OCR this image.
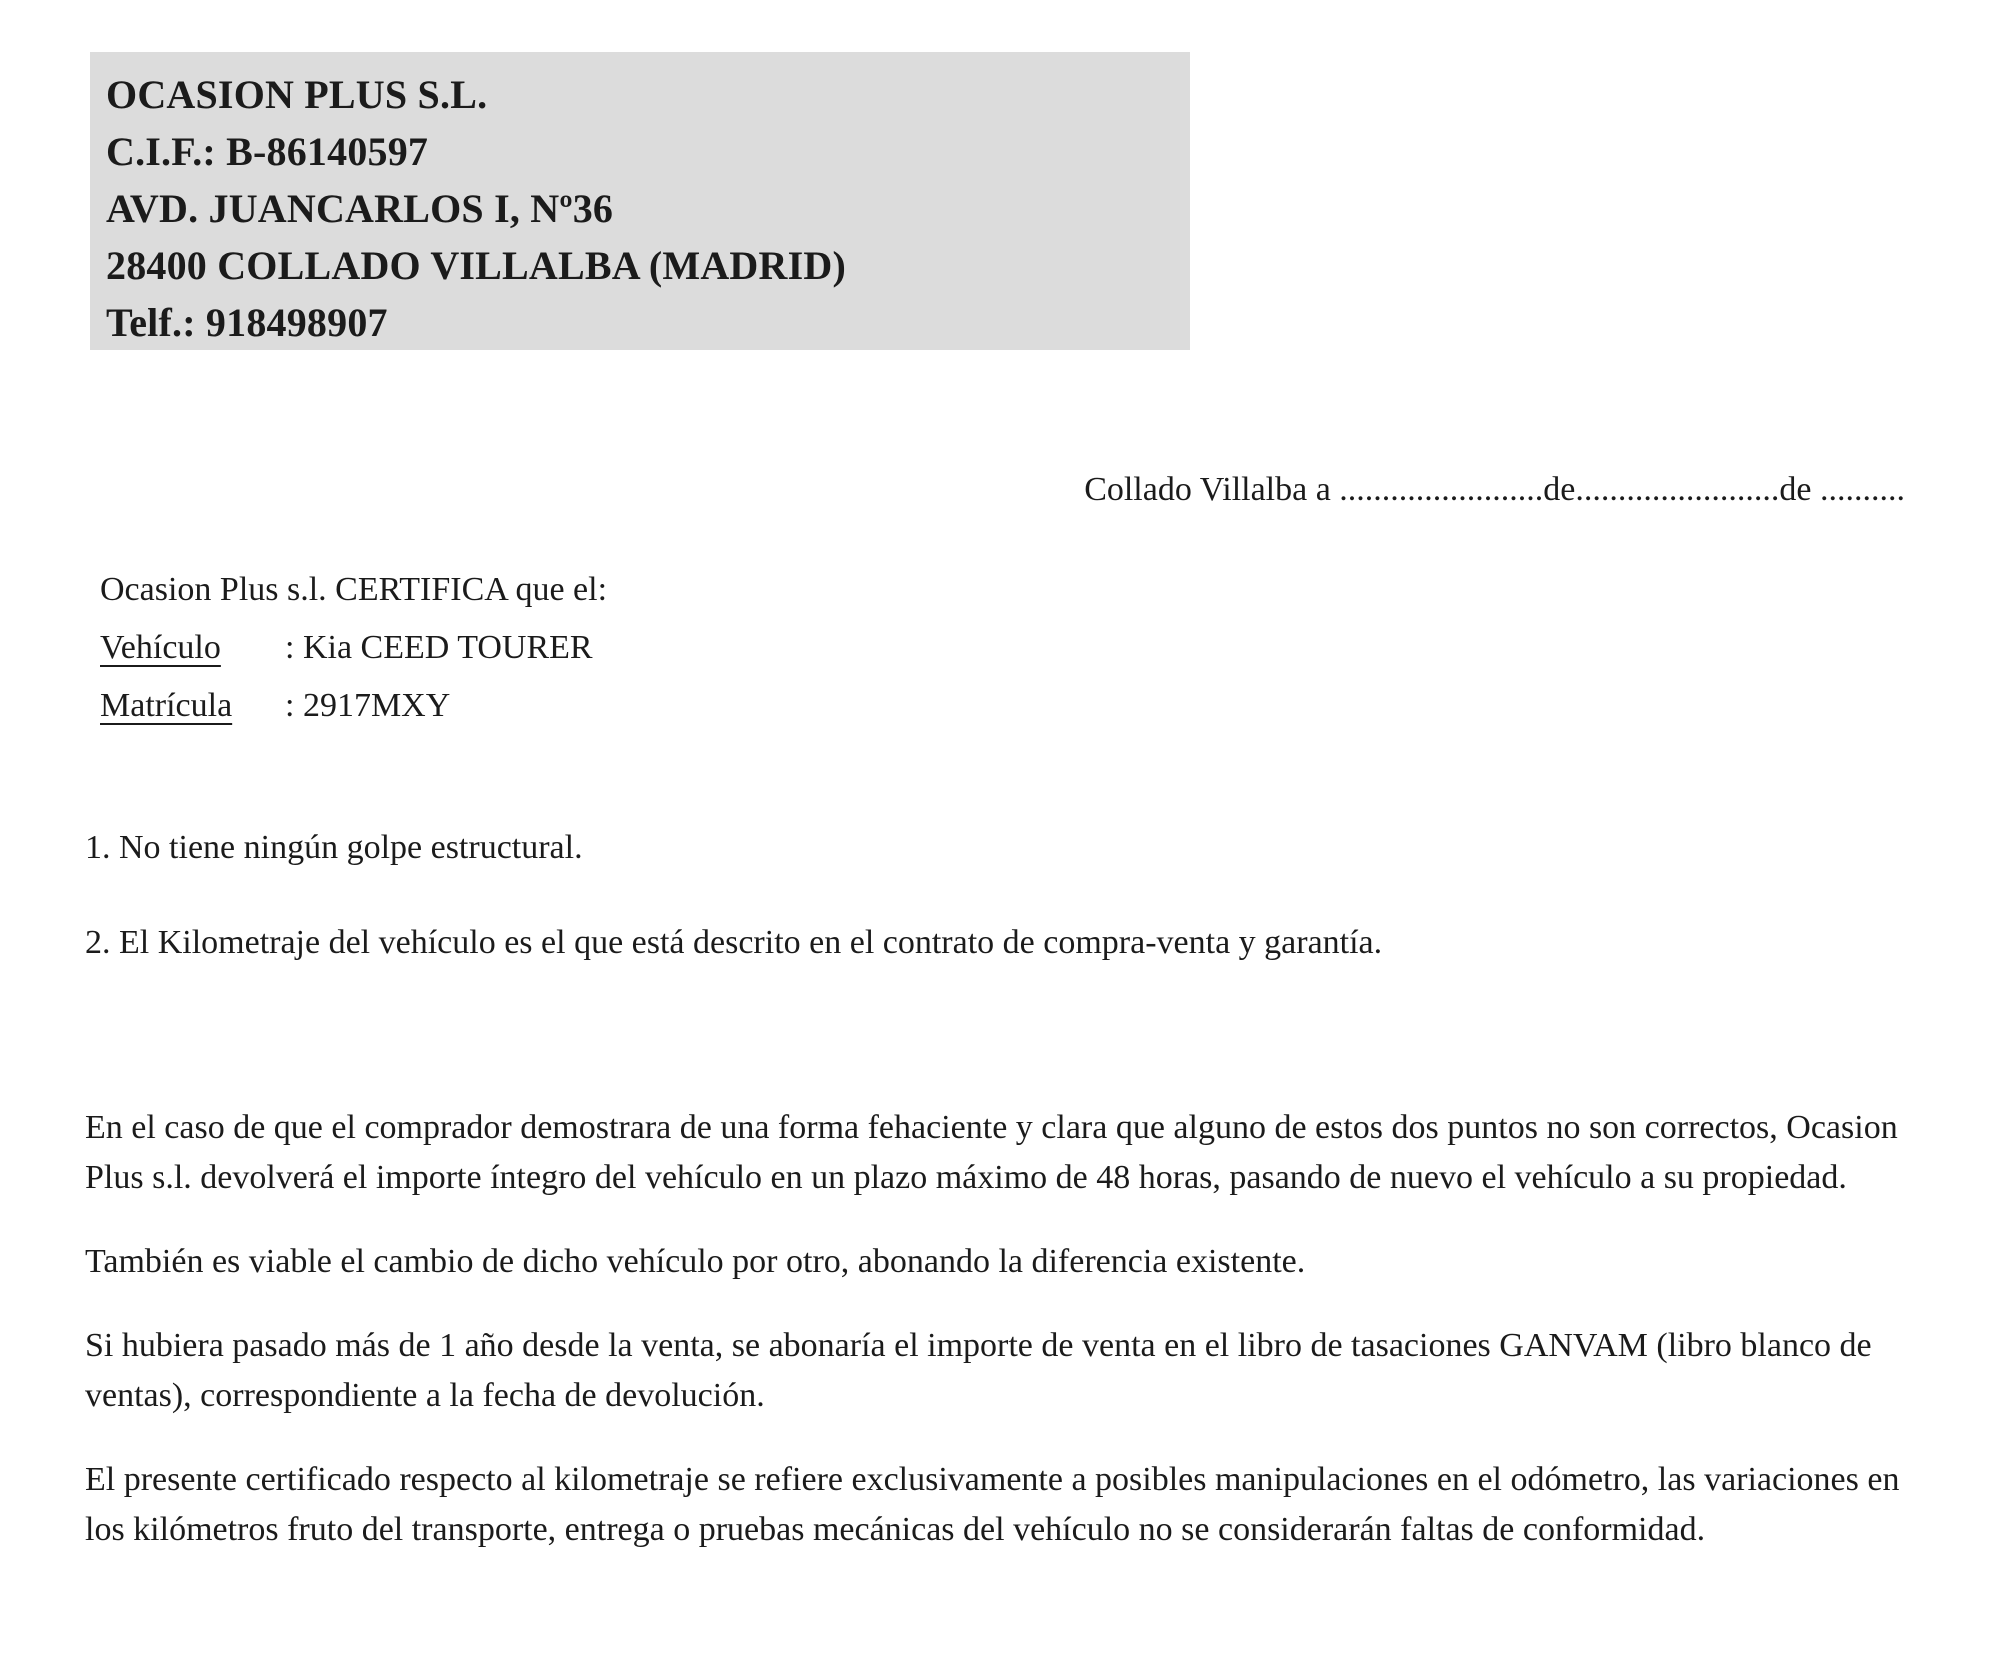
OCASION PLUS S.L.
C.I.F.: B-86140597
AVD. JUANCARLOS I, Nº36
28400 COLLADO VILLALBA (MADRID)
Telf.: 918498907
Collado Villalba a ........................de........................de ..........
Ocasion Plus s.l. CERTIFICA que el:
Vehículo : Kia CEED TOURER
Matrícula : 2917MXY
1. No tiene ningún golpe estructural.
2. El Kilometraje del vehículo es el que está descrito en el contrato de compra-venta y garantía.

En el caso de que el comprador demostrara de una forma fehaciente y clara que alguno de estos dos puntos no son correctos, Ocasion Plus s.l. devolverá el importe íntegro del vehículo en un plazo máximo de 48 horas, pasando de nuevo el vehículo a su propiedad.

También es viable el cambio de dicho vehículo por otro, abonando la diferencia existente.

Si hubiera pasado más de 1 año desde la venta, se abonaría el importe de venta en el libro de tasaciones GANVAM (libro blanco de ventas), correspondiente a la fecha de devolución.

El presente certificado respecto al kilometraje se refiere exclusivamente a posibles manipulaciones en el odómetro, las variaciones en los kilómetros fruto del transporte, entrega o pruebas mecánicas del vehículo no se considerarán faltas de conformidad.
